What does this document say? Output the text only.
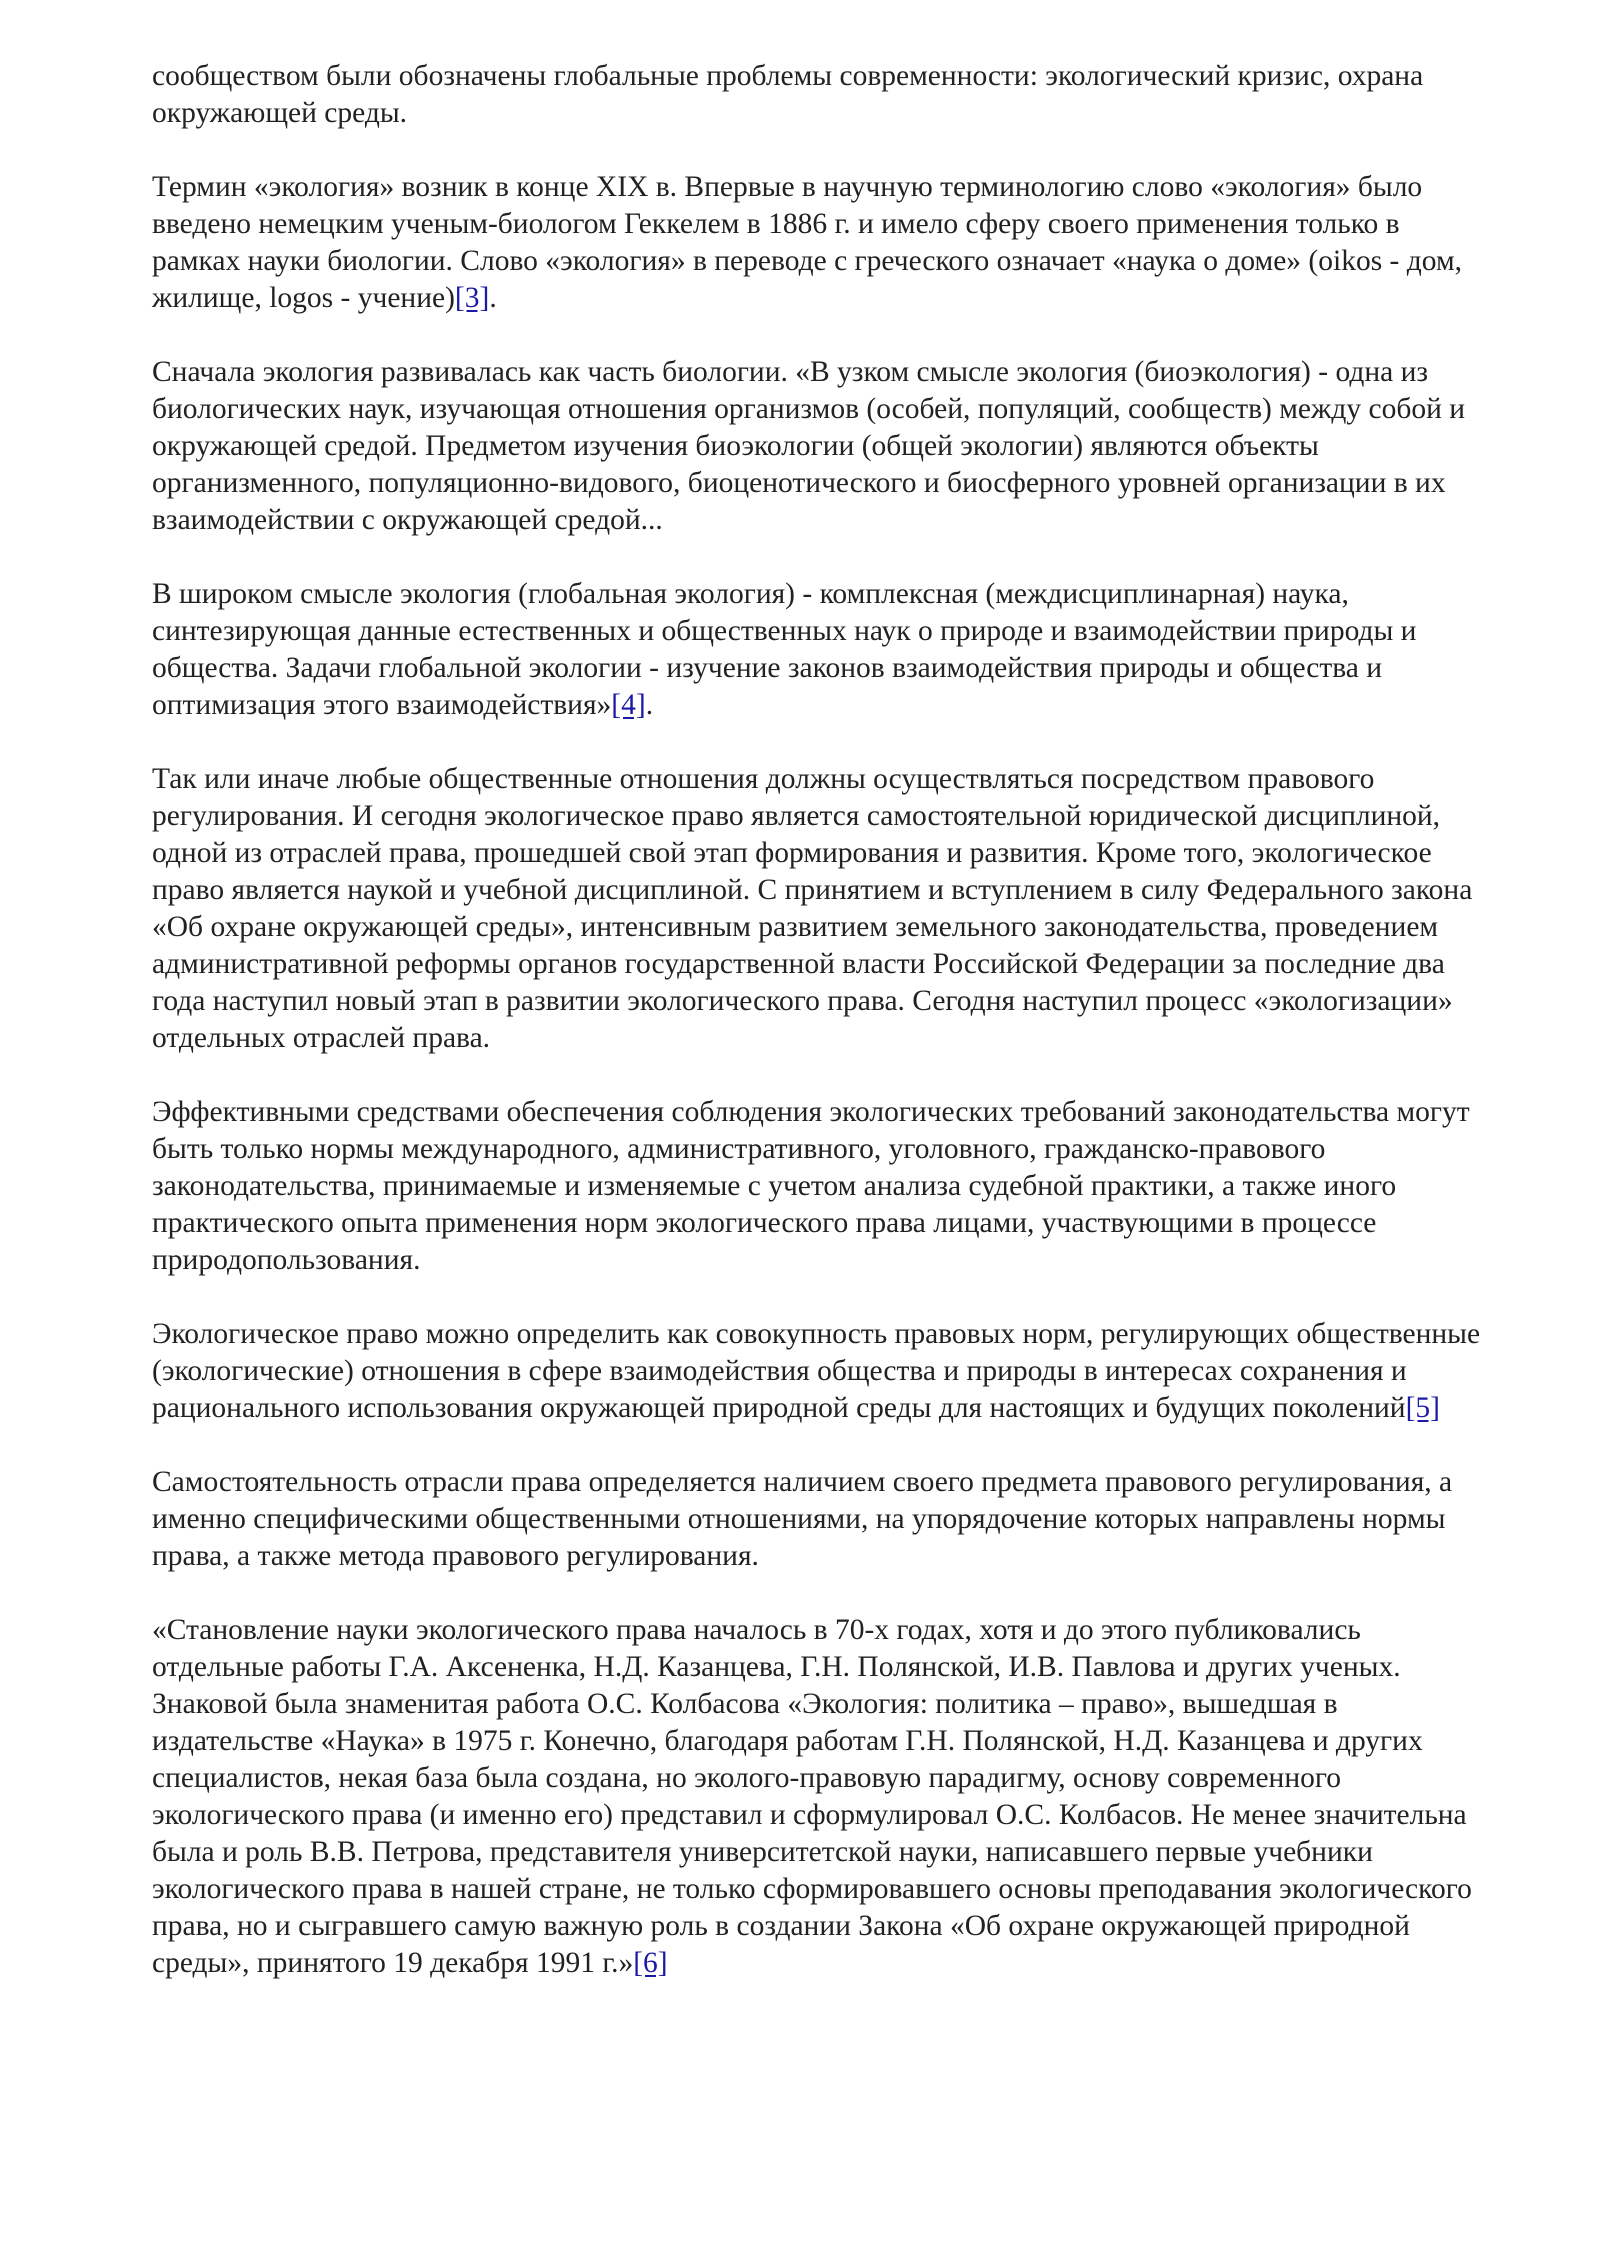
сообществом были обозначены глобальные проблемы современности: экологический кризис, охрана окружающей среды.

Термин «экология» возник в конце XIX в. Впервые в научную терминологию слово «экология» было введено немецким ученым-биологом Геккелем в 1886 г. и имело сферу своего применения только в рамках науки биологии. Слово «экология» в переводе с греческого означает «наука о доме» (oikos - дом, жилище, logos - учение)[3].

Сначала экология развивалась как часть биологии. «В узком смысле экология (биоэкология) - одна из биологических наук, изучающая отношения организмов (особей, популяций, сообществ) между собой и окружающей средой. Предметом изучения биоэкологии (общей экологии) являются объекты организменного, популяционно-видового, биоценотического и биосферного уровней организации в их взаимодействии с окружающей средой...

В широком смысле экология (глобальная экология) - комплексная (междисциплинарная) наука, синтезирующая данные естественных и общественных наук о природе и взаимодействии природы и общества. Задачи глобальной экологии - изучение законов взаимодействия природы и общества и оптимизация этого взаимодействия»[4].

Так или иначе любые общественные отношения должны осуществляться посредством правового регулирования. И сегодня экологическое право является самостоятельной юридической дисциплиной, одной из отраслей права, прошедшей свой этап формирования и развития. Кроме того, экологическое право является наукой и учебной дисциплиной. С принятием и вступлением в силу Федерального закона «Об охране окружающей среды», интенсивным развитием земельного законодательства, проведением административной реформы органов государственной власти Российской Федерации за последние два года наступил новый этап в развитии экологического права. Сегодня наступил процесс «экологизации» отдельных отраслей права.

Эффективными средствами обеспечения соблюдения экологических требований законодательства могут быть только нормы международного, административного, уголовного, гражданско-правового законодательства, принимаемые и изменяемые с учетом анализа судебной практики, а также иного практического опыта применения норм экологического права лицами, участвующими в процессе природопользования.

Экологическое право можно определить как совокупность правовых норм, регулирующих общественные (экологические) отношения в сфере взаимодействия общества и природы в интересах сохранения и рационального использования окружающей природной среды для настоящих и будущих поколений[5]

Самостоятельность отрасли права определяется наличием своего предмета правового регулирования, а именно специфическими общественными отношениями, на упорядочение которых направлены нормы права, а также метода правового регулирования.

«Становление науки экологического права началось в 70-х годах, хотя и до этого публиковались отдельные работы Г.А. Аксененка, Н.Д. Казанцева, Г.Н. Полянской, И.В. Павлова и других ученых. Знаковой была знаменитая работа О.С. Колбасова «Экология: политика – право», вышедшая в издательстве «Наука» в 1975 г. Конечно, благодаря работам Г.Н. Полянской, Н.Д. Казанцева и других специалистов, некая база была создана, но эколого-правовую парадигму, основу современного экологического права (и именно его) представил и сформулировал О.С. Колбасов. Не менее значительна была и роль В.В. Петрова, представителя университетской науки, написавшего первые учебники экологического права в нашей стране, не только сформировавшего основы преподавания экологического права, но и сыгравшего самую важную роль в создании Закона «Об охране окружающей природной среды», принятого 19 декабря 1991 г.»[6]
